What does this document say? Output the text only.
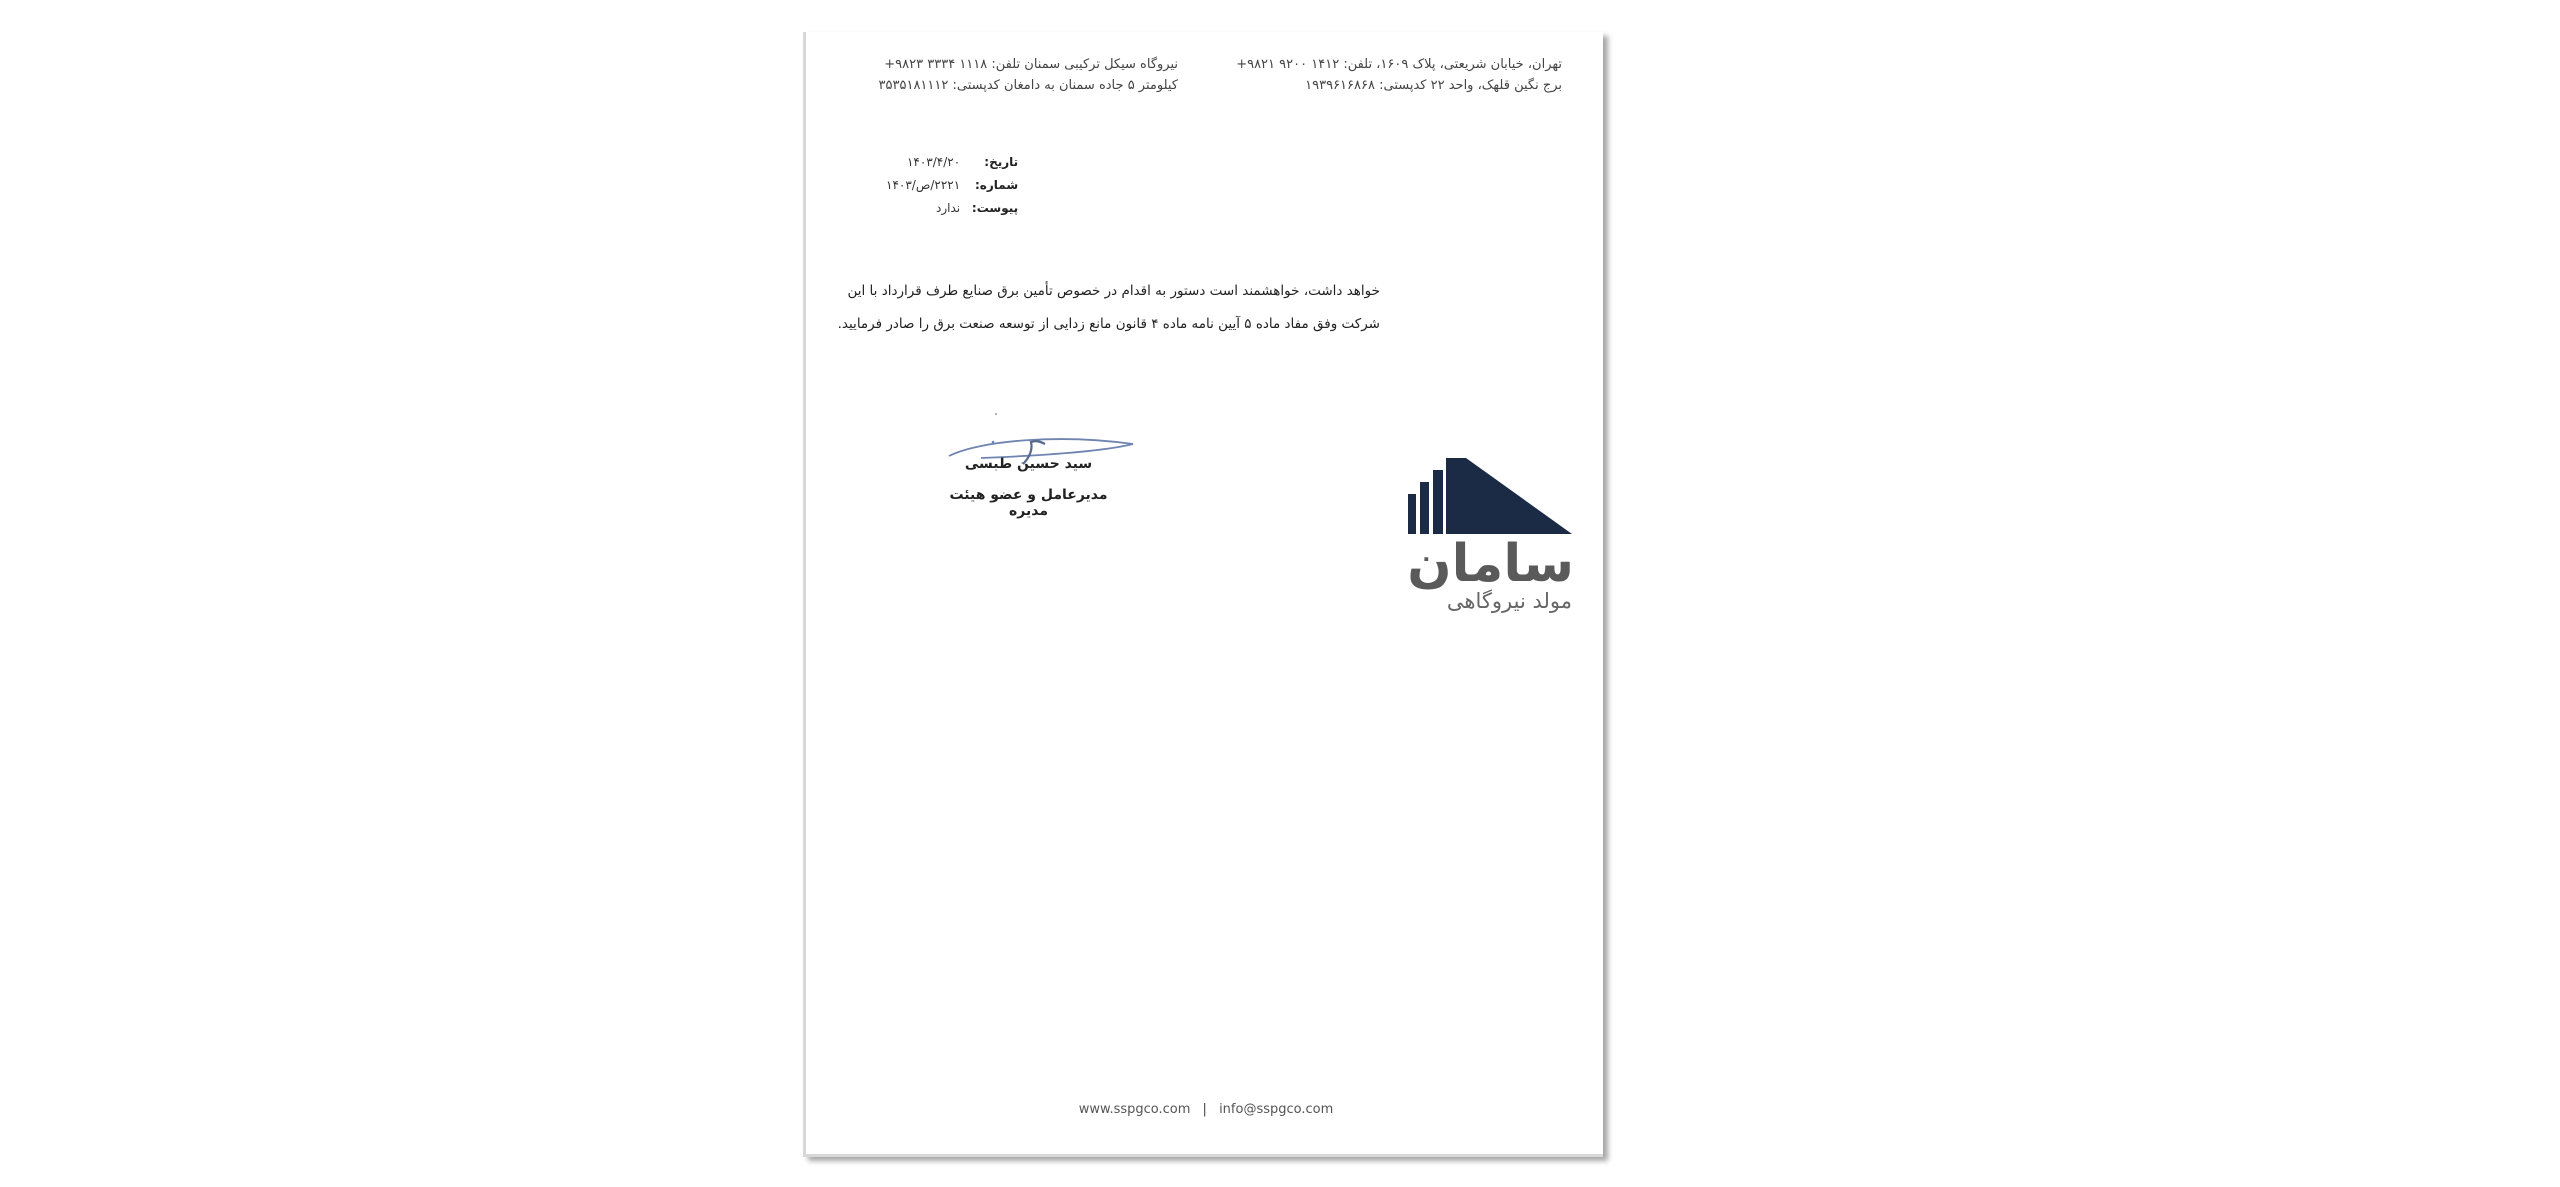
تهران، خیابان شریعتی، پلاک ۱۶۰۹، تلفن: ۱۴۱۲ ۹۲۰۰ ۹۸۲۱+
برج نگین قلهک، واحد ۲۲ کدپستی: ۱۹۳۹۶۱۶۸۶۸
نیروگاه سیکل ترکیبی سمنان تلفن: ۱۱۱۸ ۳۳۳۴ ۹۸۲۳+
کیلومتر ۵ جاده سمنان به دامغان کدپستی: ۳۵۳۵۱۸۱۱۱۲
تاریخ:
۱۴۰۳/۴/۲۰
شماره:
۲۲۲۱/ص/۱۴۰۳
پیوست:
ندارد

خواهد داشت، خواهشمند است دستور به اقدام در خصوص تأمین برق صنایع طرف قرارداد با این

شرکت وفق مفاد ماده ۵ آیین نامه ماده ۴ قانون مانع زدایی از توسعه صنعت برق را صادر فرمایید.

سید حسین طبسی
مدیرعامل و عضو هیئت مدیره
سامان
مولد نیروگاهی
www.sspgco.com | info@sspgco.com
